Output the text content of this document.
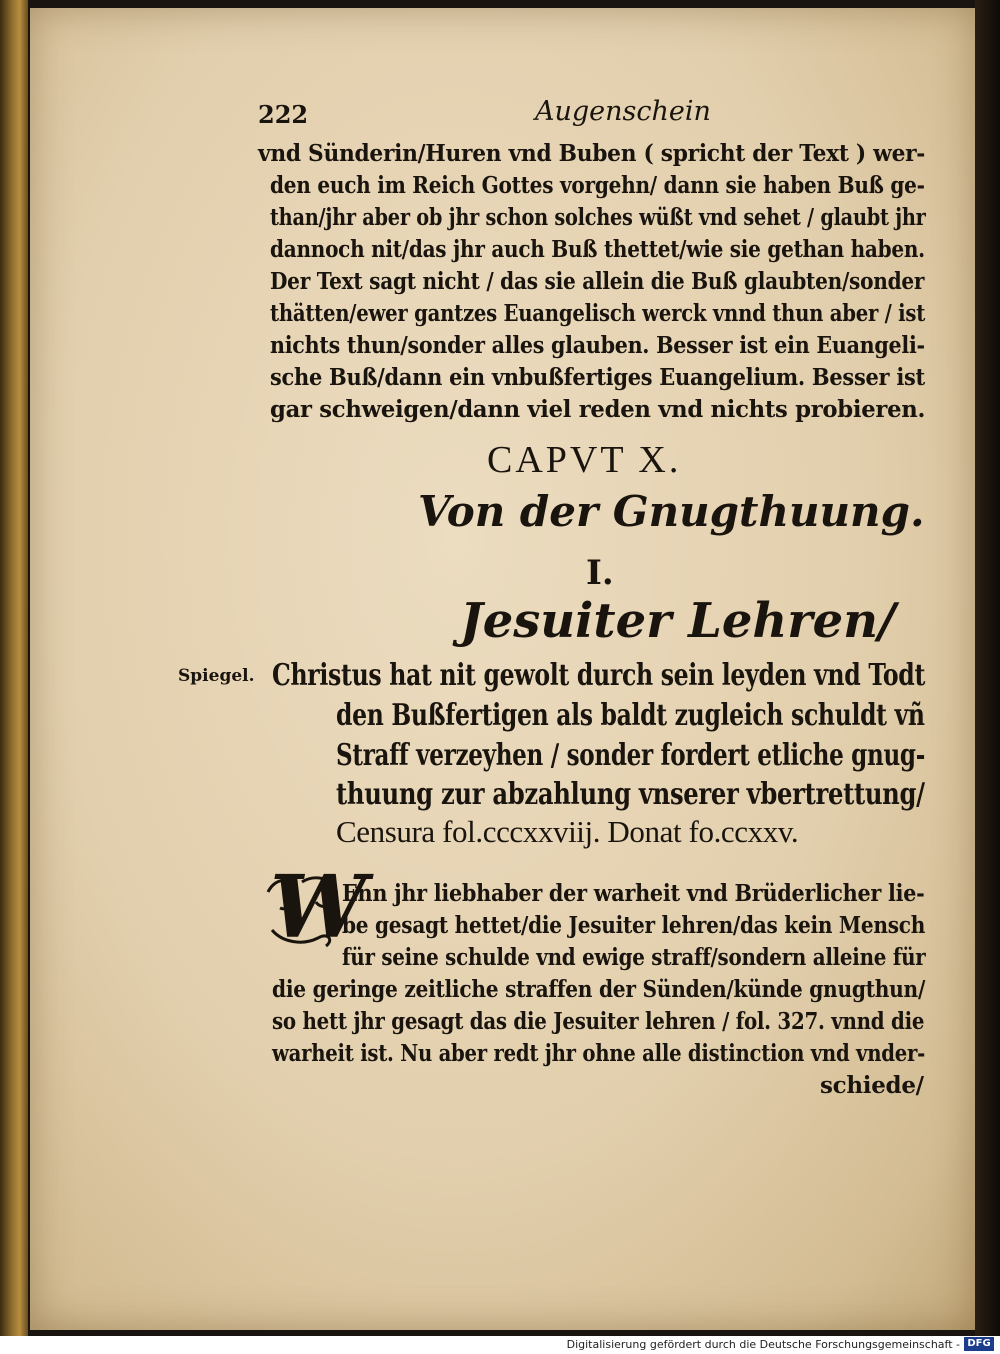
222	Augenschein
vnd Sünderin/Huren vnd Buben ( spricht der Text ) wer-
den euch im Reich Gottes vorgehn/ dann sie haben Buß ge-
than/jhr aber ob jhr schon solches wüßt vnd sehet / glaubt jhr
dannoch nit/das jhr auch Buß thettet/wie sie gethan haben.
Der Text sagt nicht / das sie allein die Buß glaubten/sonder
thätten/ewer gantzes Euangelisch werck vnnd thun aber / ist
nichts thun/sonder alles glauben. Besser ist ein Euangeli-
sche Buß/dann ein vnbußfertiges Euangelium. Besser ist
gar schweigen/dann viel reden vnd nichts probieren.
CAPVT X.
Von der Gnugthuung.
I.
Jesuiter Lehren/
Spiegel. Christus hat nit gewolt durch sein leyden vnd Todt
den Bußfertigen als baldt zugleich schuldt vñ
Straff verzeyhen / sonder fordert etliche gnug-
thuung zur abzahlung vnserer vbertrettung/
Censura fol.cccxxviij. Donat fo.ccxxv.
W
Enn jhr liebhaber der warheit vnd Brüderlicher lie-
be gesagt hettet/die Jesuiter lehren/das kein Mensch
für seine schulde vnd ewige straff/sondern alleine für
die geringe zeitliche straffen der Sünden/künde gnugthun/
so hett jhr gesagt das die Jesuiter lehren / fol. 327. vnnd die
warheit ist. Nu aber redt jhr ohne alle distinction vnd vnder-
schiede/
Digitalisierung gefördert durch die Deutsche Forschungsgemeinschaft - DFG
